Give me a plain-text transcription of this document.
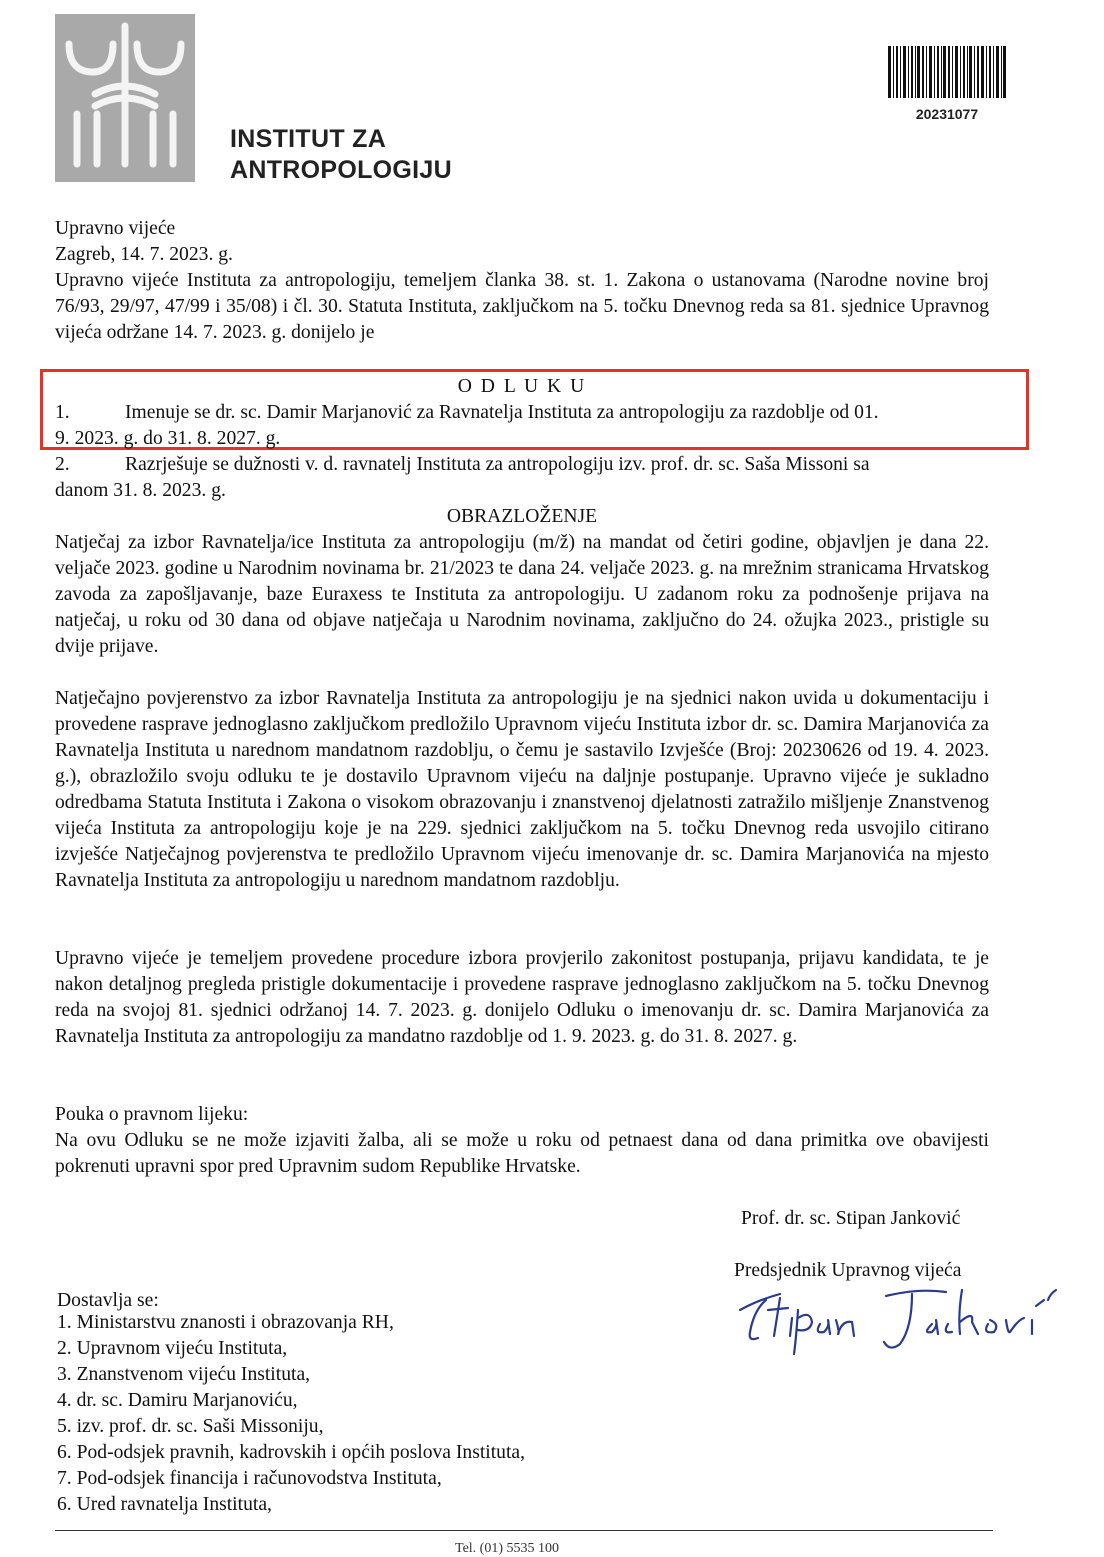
INSTITUT ZA
ANTROPOLOGIJU
20231077
Upravno vijeće
Zagreb, 14. 7. 2023. g.
Upravno vijeće Instituta za antropologiju, temeljem članka 38. st. 1. Zakona o ustanovama (Narodne novine broj 76/93, 29/97, 47/99 i 35/08) i čl. 30. Statuta Instituta, zaključkom na 5. točku Dnevnog reda sa 81. sjednice Upravnog vijeća održane 14. 7. 2023. g. donijelo je
O D L U K U
1.	Imenuje se dr. sc. Damir Marjanović za Ravnatelja Instituta za antropologiju za razdoblje od 01.
9. 2023. g. do 31. 8. 2027. g.
2.	Razrješuje se dužnosti v. d. ravnatelj Instituta za antropologiju izv. prof. dr. sc. Saša Missoni sa
danom 31. 8. 2023. g.
OBRAZLOŽENJE
Natječaj za izbor Ravnatelja/ice Instituta za antropologiju (m/ž) na mandat od četiri godine, objavljen je dana 22. veljače 2023. godine u Narodnim novinama br. 21/2023 te dana 24. veljače 2023. g. na mrežnim stranicama Hrvatskog zavoda za zapošljavanje, baze Euraxess te Instituta za antropologiju. U zadanom roku za podnošenje prijava na natječaj, u roku od 30 dana od objave natječaja u Narodnim novinama, zaključno do 24. ožujka 2023., pristigle su dvije prijave.
Natječajno povjerenstvo za izbor Ravnatelja Instituta za antropologiju je na sjednici nakon uvida u dokumentaciju i provedene rasprave jednoglasno zaključkom predložilo Upravnom vijeću Instituta izbor dr. sc. Damira Marjanovića za Ravnatelja Instituta u narednom mandatnom razdoblju, o čemu je sastavilo Izvješće (Broj: 20230626 od 19. 4. 2023. g.), obrazložilo svoju odluku te je dostavilo Upravnom vijeću na daljnje postupanje. Upravno vijeće je sukladno odredbama Statuta Instituta i Zakona o visokom obrazovanju i znanstvenoj djelatnosti zatražilo mišljenje Znanstvenog vijeća Instituta za antropologiju koje je na 229. sjednici zaključkom na 5. točku Dnevnog reda usvojilo citirano izvješće Natječajnog povjerenstva te predložilo Upravnom vijeću imenovanje dr. sc. Damira Marjanovića na mjesto Ravnatelja Instituta za antropologiju u narednom mandatnom razdoblju.
Upravno vijeće je temeljem provedene procedure izbora provjerilo zakonitost postupanja, prijavu kandidata, te je nakon detaljnog pregleda pristigle dokumentacije i provedene rasprave jednoglasno zaključkom na 5. točku Dnevnog reda na svojoj 81. sjednici održanoj 14. 7. 2023. g. donijelo Odluku o imenovanju dr. sc. Damira Marjanovića za Ravnatelja Instituta za antropologiju za mandatno razdoblje od 1. 9. 2023. g. do 31. 8. 2027. g.
Pouka o pravnom lijeku:
Na ovu Odluku se ne može izjaviti žalba, ali se može u roku od petnaest dana od dana primitka ove obavijesti pokrenuti upravni spor pred Upravnim sudom Republike Hrvatske.
Prof. dr. sc. Stipan Janković
Predsjednik Upravnog vijeća
Dostavlja se:
1. Ministarstvu znanosti i obrazovanja RH,
2. Upravnom vijeću Instituta,
3. Znanstvenom vijeću Instituta,
4. dr. sc. Damiru Marjanoviću,
5. izv. prof. dr. sc. Saši Missoniju,
6. Pod-odsjek pravnih, kadrovskih i općih poslova Instituta,
7. Pod-odsjek financija i računovodstva Instituta,
6. Ured ravnatelja Instituta,
Tel. (01) 5535 100
